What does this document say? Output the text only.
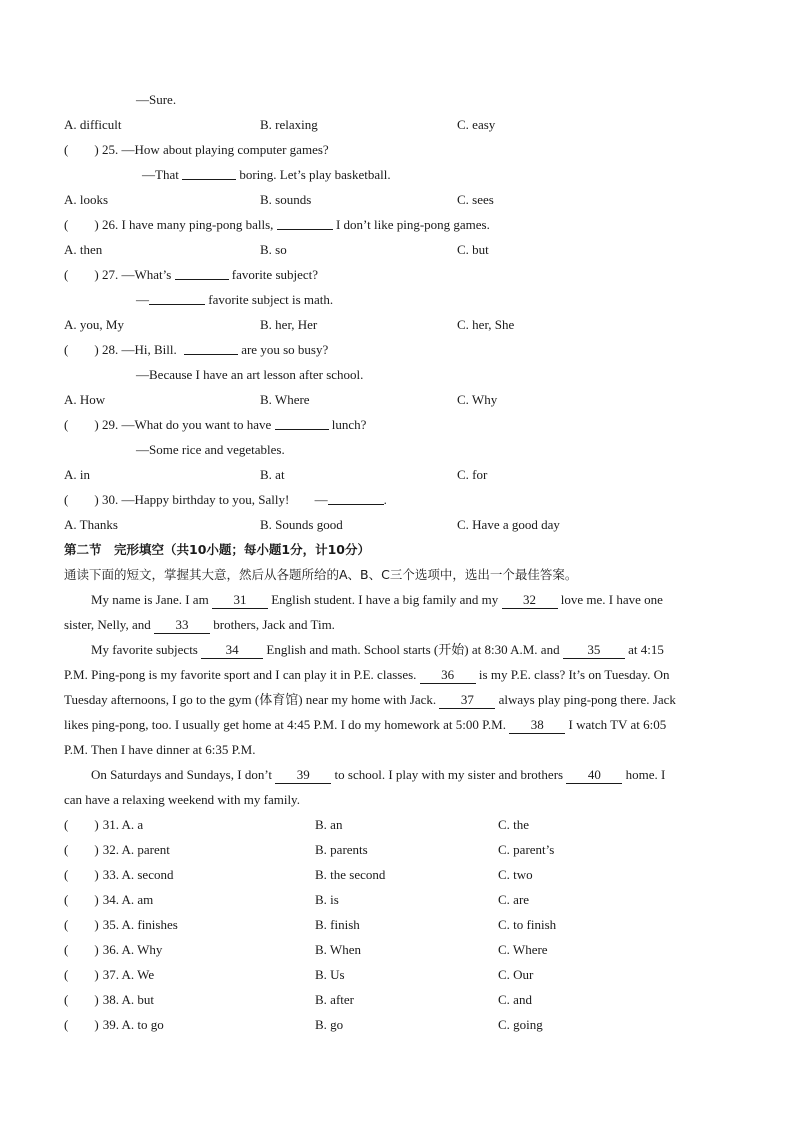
—Sure.
A. difficult	B. relaxing	C. easy
( ) 25. —How about playing computer games?
—That	boring. Let’s play basketball.
A. looks	B. sounds	C. sees
( ) 26. I have many ping-pong balls,	I don’t like ping-pong games.
A. then	B. so	C. but
( ) 27. —What’s	favorite subject?
—	favorite subject is math.
A. you, My	B. her, Her	C. her, She
( ) 28. —Hi, Bill.	are you so busy?
—Because I have an art lesson after school.
A. How	B. Where	C. Why
( ) 29. —What do you want to have	lunch?
—Some rice and vegetables.
A. in	B. at	C. for
( ) 30. —Happy birthday to you, Sally! —	.
A. Thanks	B. Sounds good	C. Have a good day
第二节　完形填空（共10小题；每小题1分，计10分）
通读下面的短文，掌握其大意，然后从各题所给的A、B、C三个选项中，选出一个最佳答案。
My name is Jane. I am 31 English student. I have a big family and my 32 love me. I have one
sister, Nelly, and 33 brothers, Jack and Tim.
My favorite subjects 34 English and math. School starts (开始) at 8:30 A.M. and 35 at 4:15
P.M. Ping-pong is my favorite sport and I can play it in P.E. classes. 36 is my P.E. class? It’s on Tuesday. On
Tuesday afternoons, I go to the gym (体育馆) near my home with Jack. 37 always play ping-pong there. Jack
likes ping-pong, too. I usually get home at 4:45 P.M. I do my homework at 5:00 P.M. 38 I watch TV at 6:05
P.M. Then I have dinner at 6:35 P.M.
On Saturdays and Sundays, I don’t 39 to school. I play with my sister and brothers 40 home. I
can have a relaxing weekend with my family.
( ) 31. A. a	B. an	C. the
( ) 32. A. parent	B. parents	C. parent’s
( ) 33. A. second	B. the second	C. two
( ) 34. A. am	B. is	C. are
( ) 35. A. finishes	B. finish	C. to finish
( ) 36. A. Why	B. When	C. Where
( ) 37. A. We	B. Us	C. Our
( ) 38. A. but	B. after	C. and
( ) 39. A. to go	B. go	C. going
